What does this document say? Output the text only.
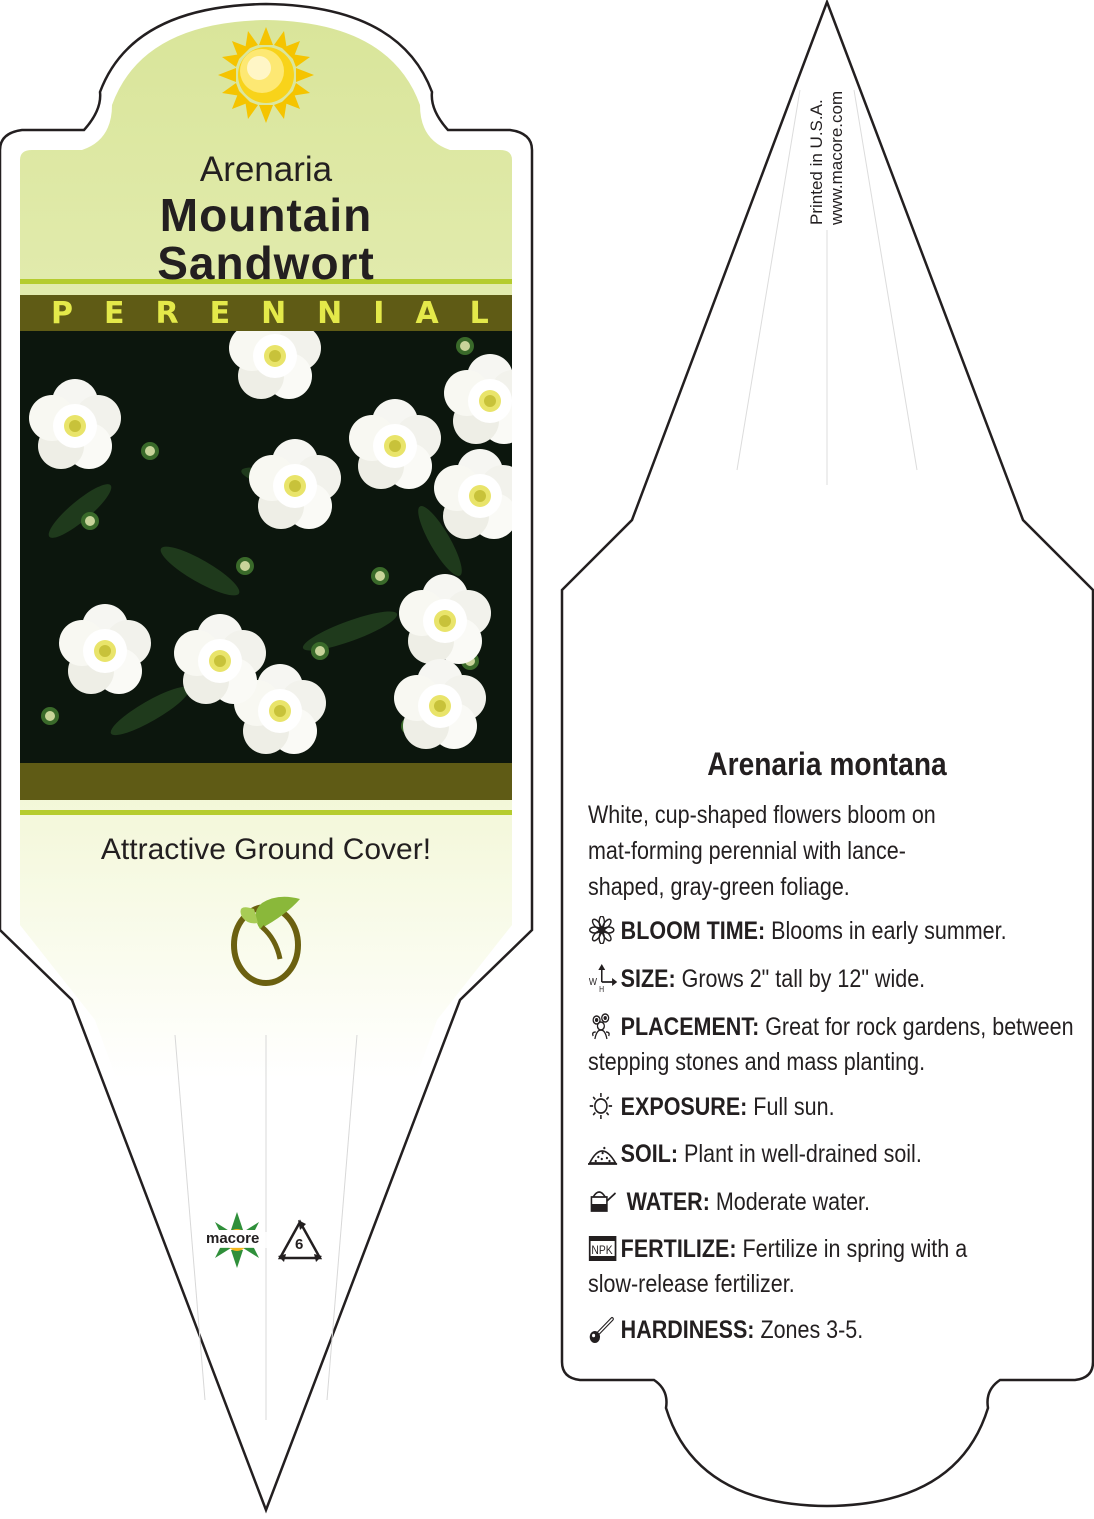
Arenaria
Mountain
Sandwort
PERENNIAL
Attractive Ground Cover!
macore 6
Printed in U.S.A. www.macore.com
Arenaria montana
White, cup-shaped flowers bloom on mat-forming perennial with lance-shaped, gray-green foliage.
BLOOM TIME: Blooms in early summer.
W
H SIZE: Grows 2" tall by 12" wide.
PLACEMENT: Great for rock gardens, between
stepping stones and mass planting.
EXPOSURE: Full sun.
SOIL: Plant in well-drained soil.
WATER: Moderate water.
NPK FERTILIZE: Fertilize in spring with a
slow-release fertilizer.
HARDINESS: Zones 3-5.
